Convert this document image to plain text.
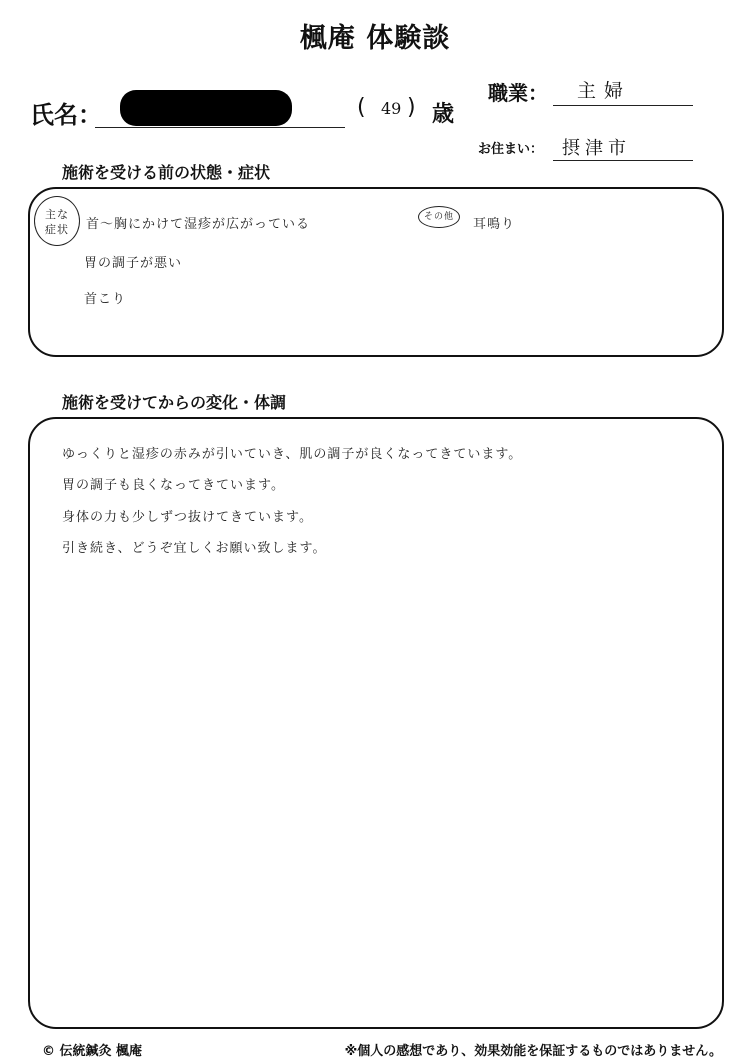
楓庵 体験談
氏名：	( 49 ) 歳
職業： 主婦
お住まい： 摂津市
施術を受ける前の状態・症状
主な
症状 首～胸にかけて湿疹が広がっている
胃の調子が悪い
首こり
その他	耳鳴り
施術を受けてからの変化・体調
ゆっくりと湿疹の赤みが引いていき、肌の調子が良くなってきています。
胃の調子も良くなってきています。
身体の力も少しずつ抜けてきています。
引き続き、どうぞ宜しくお願い致します。
© 伝統鍼灸 楓庵	※個人の感想であり、効果効能を保証するものではありません。
